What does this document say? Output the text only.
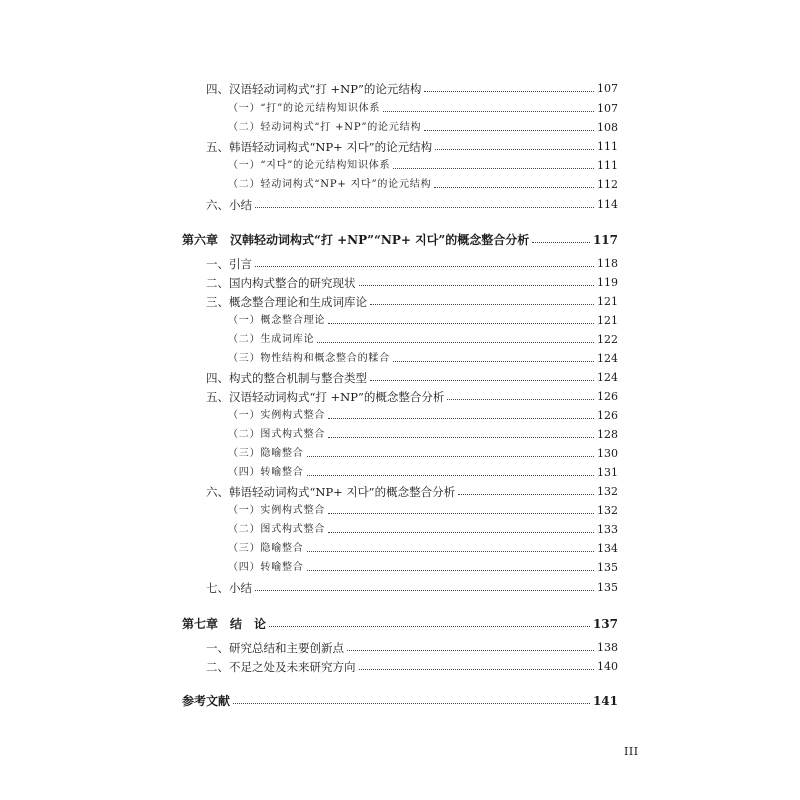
四、汉语轻动词构式“打 +NP”的论元结构	107
（一）“打”的论元结构知识体系	107
（二）轻动词构式“打 +NP”的论元结构	108
五、韩语轻动词构式“NP+ 지다”的论元结构	111
（一）“지다”的论元结构知识体系	111
（二）轻动词构式“NP+ 지다”的论元结构	112
六、小结	114
第六章　汉韩轻动词构式“打 +NP”“NP+ 지다”的概念整合分析	117
一、引言	118
二、国内构式整合的研究现状	119
三、概念整合理论和生成词库论	121
（一）概念整合理论	121
（二）生成词库论	122
（三）物性结构和概念整合的糅合	124
四、构式的整合机制与整合类型	124
五、汉语轻动词构式“打 +NP”的概念整合分析	126
（一）实例构式整合	126
（二）图式构式整合	128
（三）隐喻整合	130
（四）转喻整合	131
六、韩语轻动词构式“NP+ 지다”的概念整合分析	132
（一）实例构式整合	132
（二）图式构式整合	133
（三）隐喻整合	134
（四）转喻整合	135
七、小结	135
第七章　结　论	137
一、研究总结和主要创新点	138
二、不足之处及未来研究方向	140
参考文献	141
III
